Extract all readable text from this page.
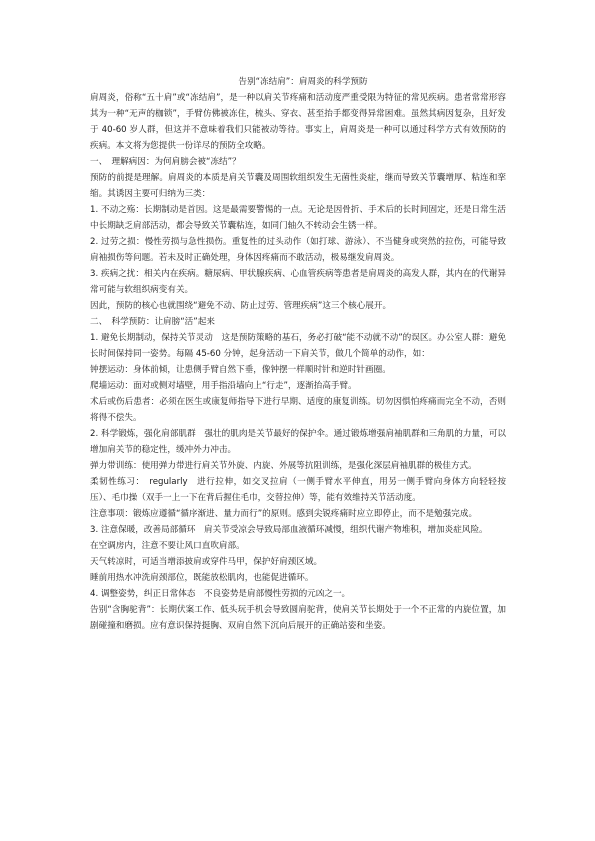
告别“冻结肩”：肩周炎的科学预防

肩周炎，俗称“五十肩”或“冻结肩”，是一种以肩关节疼痛和活动度严重受限为特征的常见疾病。患者常常形容其为一种“无声的枷锁”，手臂仿佛被冻住，梳头、穿衣、甚至抬手都变得异常困难。虽然其病因复杂，且好发于 40-60 岁人群，但这并不意味着我们只能被动等待。事实上，肩周炎是一种可以通过科学方式有效预防的疾病。本文将为您提供一份详尽的预防全攻略。

一、　理解病因：为何肩膀会被“冻结”？

预防的前提是理解。肩周炎的本质是肩关节囊及周围软组织发生无菌性炎症，继而导致关节囊增厚、粘连和挛缩。其诱因主要可归纳为三类：

1. 不动之殇：长期制动是首因。这是最需要警惕的一点。无论是因骨折、手术后的长时间固定，还是日常生活中长期缺乏肩部活动，都会导致关节囊粘连，如同门轴久不转动会生锈一样。

2. 过劳之损：慢性劳损与急性损伤。重复性的过头动作（如打球、游泳）、不当健身或突然的拉伤，可能导致肩袖损伤等问题。若未及时正确处理，身体因疼痛而不敢活动，极易继发肩周炎。

3. 疾病之扰：相关内在疾病。糖尿病、甲状腺疾病、心血管疾病等患者是肩周炎的高发人群，其内在的代谢异常可能与软组织病变有关。

因此，预防的核心也就围绕“避免不动、防止过劳、管理疾病”这三个核心展开。

二、　科学预防：让肩膀“活”起来

1. 避免长期制动，保持关节灵动　这是预防策略的基石，务必打破“能不动就不动”的误区。办公室人群：避免长时间保持同一姿势。每隔 45-60 分钟，起身活动一下肩关节，做几个简单的动作，如：

钟摆运动：身体前倾，让患侧手臂自然下垂，像钟摆一样顺时针和逆时针画圈。

爬墙运动：面对或侧对墙壁，用手指沿墙向上“行走”，逐渐抬高手臂。

术后或伤后患者：必须在医生或康复师指导下进行早期、适度的康复训练。切勿因惧怕疼痛而完全不动，否则将得不偿失。

2. 科学锻炼，强化肩部肌群　强壮的肌肉是关节最好的保护伞。通过锻炼增强肩袖肌群和三角肌的力量，可以增加肩关节的稳定性，缓冲外力冲击。

弹力带训练：使用弹力带进行肩关节外旋、内旋、外展等抗阻训练，是强化深层肩袖肌群的极佳方式。

柔韧性练习：　regularly　进行拉伸，如交叉拉肩（一侧手臂水平伸直，用另一侧手臂向身体方向轻轻按压）、毛巾操（双手一上一下在背后握住毛巾，交替拉伸）等，能有效维持关节活动度。

注意事项：锻炼应遵循“循序渐进、量力而行”的原则。感到尖锐疼痛时应立即停止，而不是勉强完成。

3. 注意保暖，改善局部循环　肩关节受凉会导致局部血液循环减慢，组织代谢产物堆积，增加炎症风险。

在空调房内，注意不要让风口直吹肩部。

天气转凉时，可适当增添披肩或穿件马甲，保护好肩颈区域。

睡前用热水冲洗肩颈部位，既能放松肌肉，也能促进循环。

4. 调整姿势，纠正日常体态　不良姿势是肩部慢性劳损的元凶之一。

告别“含胸驼背”：长期伏案工作、低头玩手机会导致圆肩驼背，使肩关节长期处于一个不正常的内旋位置，加剧碰撞和磨损。应有意识保持挺胸、双肩自然下沉向后展开的正确站姿和坐姿。
